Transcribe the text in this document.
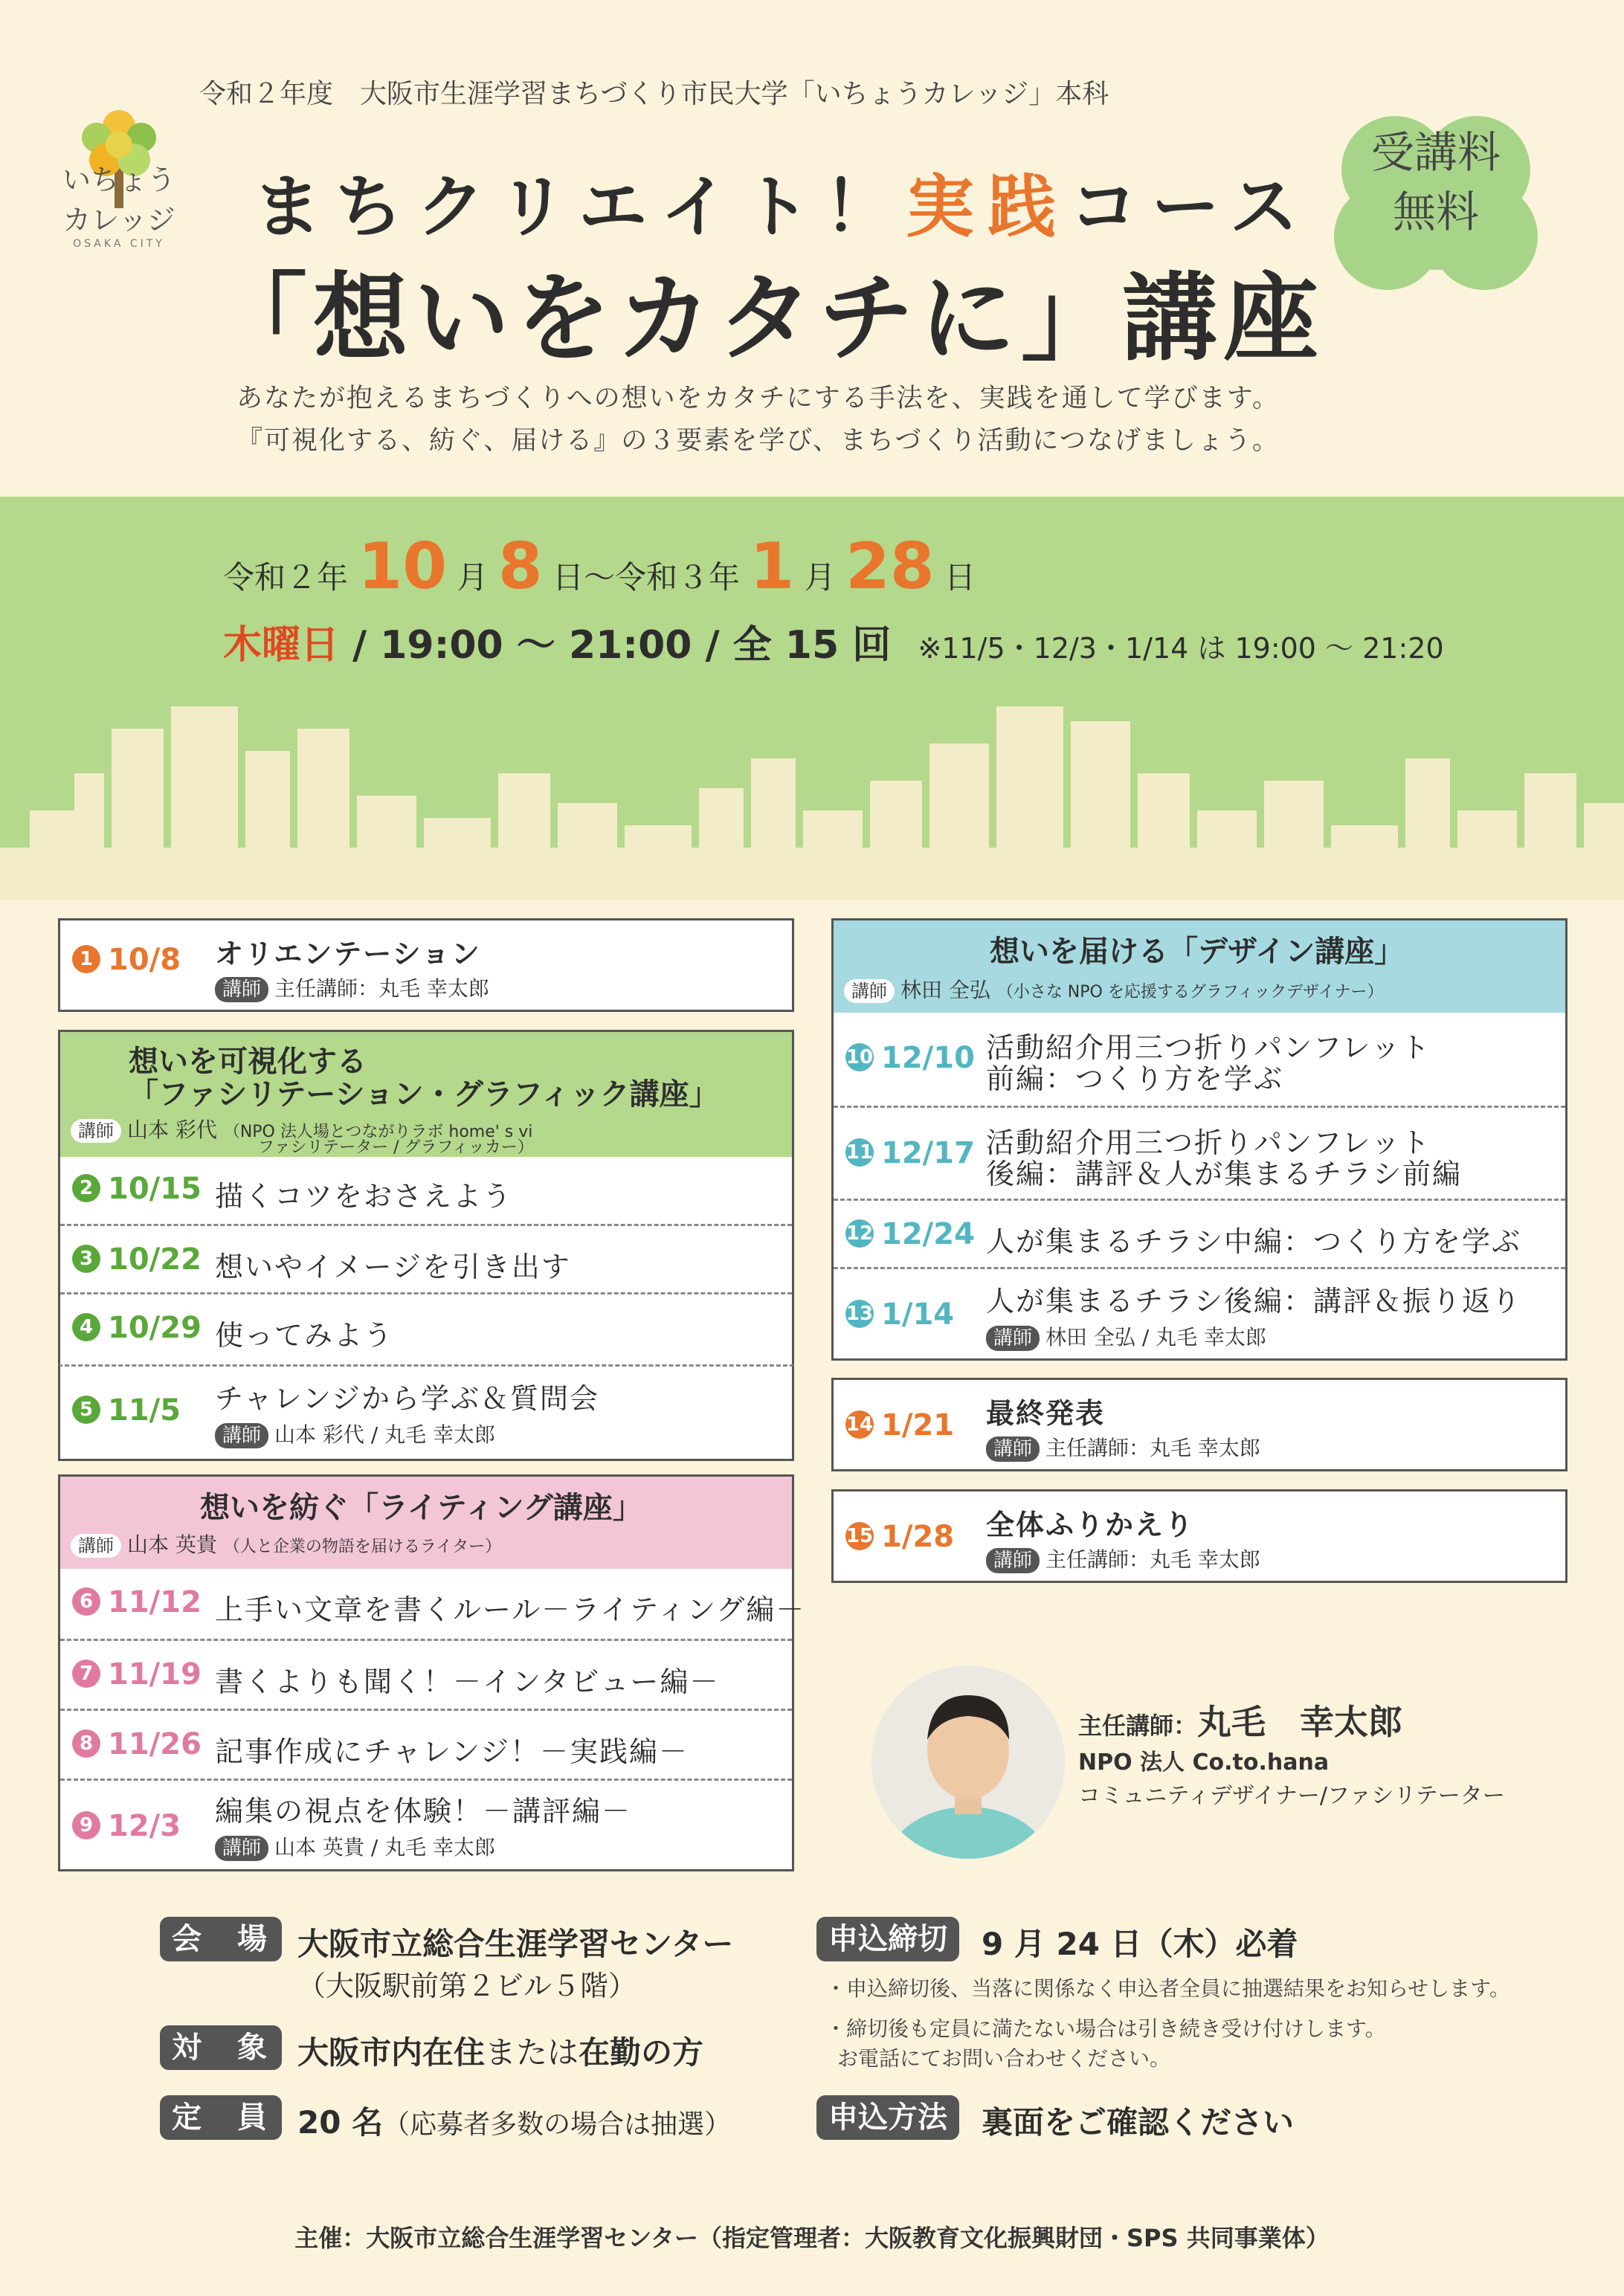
いちょう
カレッジ
OSAKA CITY
令和２年度　大阪市生涯学習まちづくり市民大学「いちょうカレッジ」本科
まちクリエイト！実践コース
「想いをカタチに」講座
受講料
無料
あなたが抱えるまちづくりへの想いをカタチにする手法を、実践を通して学びます。
『可視化する、紡ぐ、届ける』の３要素を学び、まちづくり活動につなげましょう。
令和２年 10 月 8 日〜令和３年 1 月 28 日
木曜日 / 19:00 〜 21:00 / 全 15 回 ※11/5・12/3・1/14 は 19:00 〜 21:20
1 10/8 オリエンテーション
講師 主任講師：丸毛 幸太郎
想いを可視化する
「ファシリテーション・グラフィック講座」
講師 山本 彩代 （NPO 法人場とつながりラボ home' s vi
ファシリテーター / グラフィッカー）
2 10/15 描くコツをおさえよう
3 10/22 想いやイメージを引き出す
4 10/29 使ってみよう
5 11/5 チャレンジから学ぶ＆質問会
講師 山本 彩代 / 丸毛 幸太郎
想いを紡ぐ「ライティング講座」
講師 山本 英貴 （人と企業の物語を届けるライター）
6 11/12 上手い文章を書くルール－ライティング編－
7 11/19 書くよりも聞く！－インタビュー編－
8 11/26 記事作成にチャレンジ！－実践編－
9 12/3 編集の視点を体験！－講評編－
講師 山本 英貴 / 丸毛 幸太郎
想いを届ける「デザイン講座」
講師 林田 全弘 （小さな NPO を応援するグラフィックデザイナー）
10 12/10 活動紹介用三つ折りパンフレット
前編：つくり方を学ぶ
11 12/17 活動紹介用三つ折りパンフレット
後編：講評＆人が集まるチラシ前編
12 12/24 人が集まるチラシ中編：つくり方を学ぶ
13 1/14 人が集まるチラシ後編：講評＆振り返り
講師 林田 全弘 / 丸毛 幸太郎
14 1/21 最終発表
講師 主任講師：丸毛 幸太郎
15 1/28 全体ふりかえり
講師 主任講師：丸毛 幸太郎
主任講師：丸毛　幸太郎
NPO 法人 Co.to.hana
コミュニティデザイナー/ファシリテーター
会　場 大阪市立総合生涯学習センター
（大阪駅前第２ビル５階）
対　象 大阪市内在住または在勤の方
定　員 20 名（応募者多数の場合は抽選）
申込締切	9 月 24 日（木）必着
・申込締切後、当落に関係なく申込者全員に抽選結果をお知らせします。
・締切後も定員に満たない場合は引き続き受け付けします。
お電話にてお問い合わせください。
申込方法	裏面をご確認ください
主催：大阪市立総合生涯学習センター（指定管理者：大阪教育文化振興財団・SPS 共同事業体）
